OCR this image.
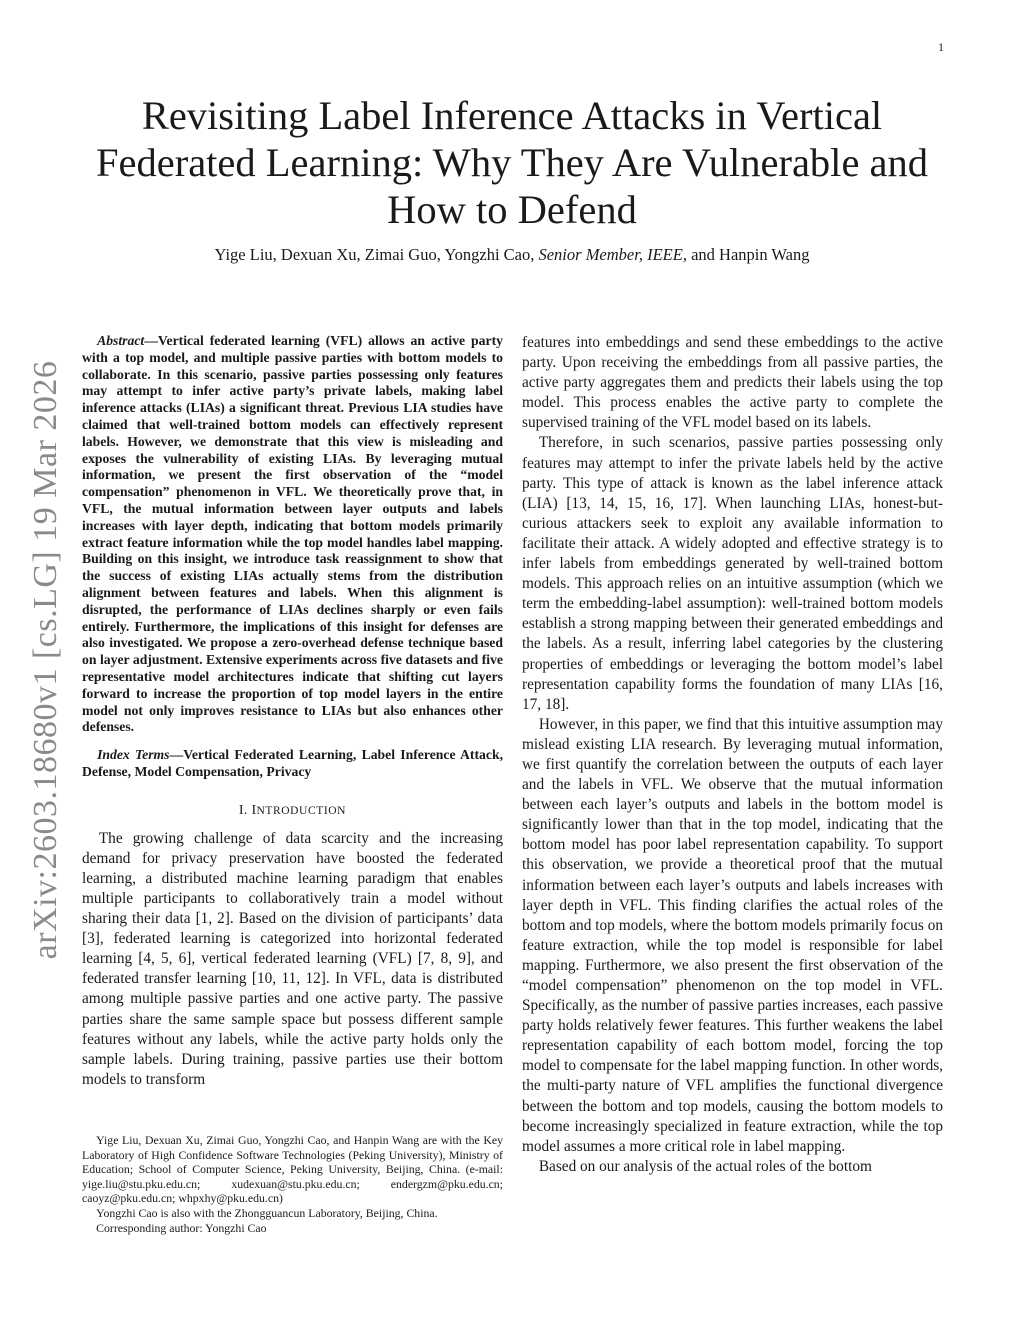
1
arXiv:2603.18680v1 [cs.LG] 19 Mar 2026
Revisiting Label Inference Attacks in Vertical Federated Learning: Why They Are Vulnerable and How to Defend
Yige Liu, Dexuan Xu, Zimai Guo, Yongzhi Cao, Senior Member, IEEE, and Hanpin Wang

Abstract—Vertical federated learning (VFL) allows an active party with a top model, and multiple passive parties with bottom models to collaborate. In this scenario, passive parties possessing only features may attempt to infer active party’s private labels, making label inference attacks (LIAs) a significant threat. Previous LIA studies have claimed that well-trained bottom models can effectively represent labels. However, we demonstrate that this view is misleading and exposes the vulnerability of existing LIAs. By leveraging mutual information, we present the first observation of the “model compensation” phenomenon in VFL. We theoretically prove that, in VFL, the mutual information between layer outputs and labels increases with layer depth, indicating that bottom models primarily extract feature information while the top model handles label mapping. Building on this insight, we introduce task reassignment to show that the success of existing LIAs actually stems from the distribution alignment between features and labels. When this alignment is disrupted, the performance of LIAs declines sharply or even fails entirely. Furthermore, the implications of this insight for defenses are also investigated. We propose a zero-overhead defense technique based on layer adjustment. Extensive experiments across five datasets and five representative model architectures indicate that shifting cut layers forward to increase the proportion of top model layers in the entire model not only improves resistance to LIAs but also enhances other defenses.

Index Terms—Vertical Federated Learning, Label Inference Attack, Defense, Model Compensation, Privacy

I. INTRODUCTION

The growing challenge of data scarcity and the increasing demand for privacy preservation have boosted the federated learning, a distributed machine learning paradigm that enables multiple participants to collaboratively train a model without sharing their data [1, 2]. Based on the division of participants’ data [3], federated learning is categorized into horizontal federated learning [4, 5, 6], vertical federated learning (VFL) [7, 8, 9], and federated transfer learning [10, 11, 12]. In VFL, data is distributed among multiple passive parties and one active party. The passive parties share the same sample space but possess different sample features without any labels, while the active party holds only the sample labels. During training, passive parties use their bottom models to transform

features into embeddings and send these embeddings to the active party. Upon receiving the embeddings from all passive parties, the active party aggregates them and predicts their labels using the top model. This process enables the active party to complete the supervised training of the VFL model based on its labels.

Therefore, in such scenarios, passive parties possessing only features may attempt to infer the private labels held by the active party. This type of attack is known as the label inference attack (LIA) [13, 14, 15, 16, 17]. When launching LIAs, honest-but-curious attackers seek to exploit any available information to facilitate their attack. A widely adopted and effective strategy is to infer labels from embeddings generated by well-trained bottom models. This approach relies on an intuitive assumption (which we term the embedding-label assumption): well-trained bottom models establish a strong mapping between their generated embeddings and the labels. As a result, inferring label categories by the clustering properties of embeddings or leveraging the bottom model’s label representation capability forms the foundation of many LIAs [16, 17, 18].

However, in this paper, we find that this intuitive assumption may mislead existing LIA research. By leveraging mutual information, we first quantify the correlation between the outputs of each layer and the labels in VFL. We observe that the mutual information between each layer’s outputs and labels in the bottom model is significantly lower than that in the top model, indicating that the bottom model has poor label representation capability. To support this observation, we provide a theoretical proof that the mutual information between each layer’s outputs and labels increases with layer depth in VFL. This finding clarifies the actual roles of the bottom and top models, where the bottom models primarily focus on feature extraction, while the top model is responsible for label mapping. Furthermore, we also present the first observation of the “model compensation” phenomenon on the top model in VFL. Specifically, as the number of passive parties increases, each passive party holds relatively fewer features. This further weakens the label representation capability of each bottom model, forcing the top model to compensate for the label mapping function. In other words, the multi-party nature of VFL amplifies the functional divergence between the bottom and top models, causing the bottom models to become increasingly specialized in feature extraction, while the top model assumes a more critical role in label mapping.

Based on our analysis of the actual roles of the bottom

Yige Liu, Dexuan Xu, Zimai Guo, Yongzhi Cao, and Hanpin Wang are with the Key Laboratory of High Confidence Software Technologies (Peking University), Ministry of Education; School of Computer Science, Peking University, Beijing, China. (e-mail: yige.liu@stu.pku.edu.cn; xudexuan@stu.pku.edu.cn; endergzm@pku.edu.cn; caoyz@pku.edu.cn; whpxhy@pku.edu.cn)

Yongzhi Cao is also with the Zhongguancun Laboratory, Beijing, China.

Corresponding author: Yongzhi Cao
